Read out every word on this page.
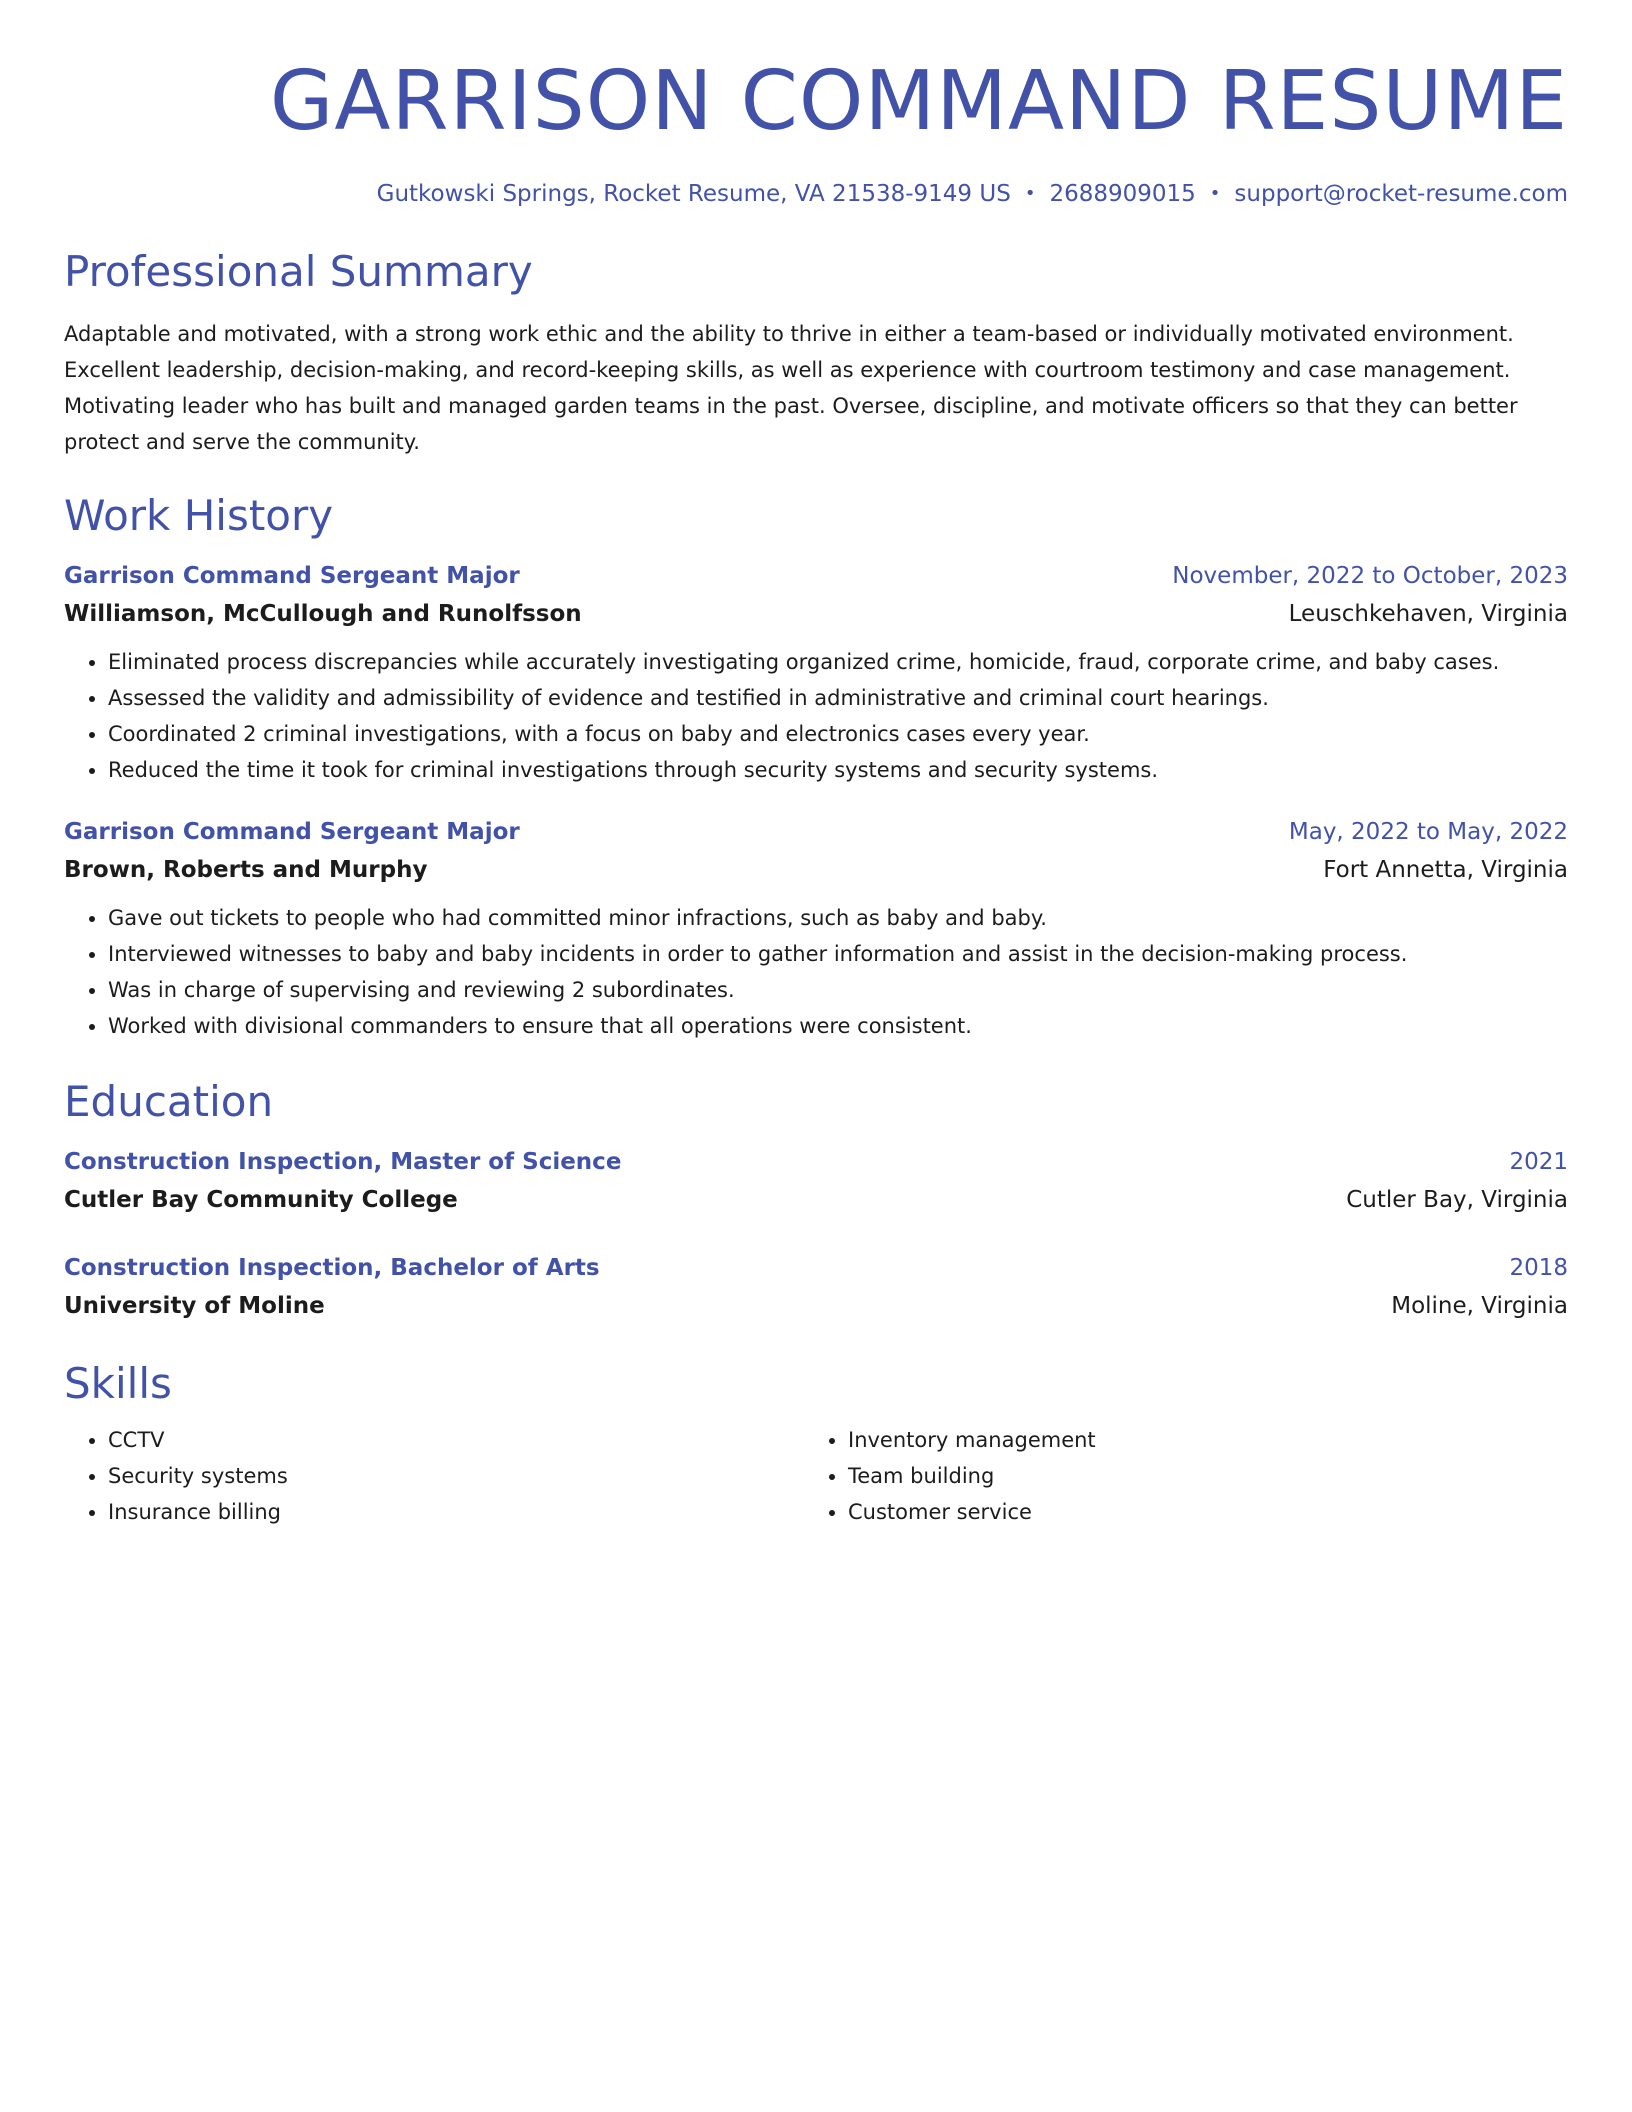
GARRISON COMMAND RESUME
Gutkowski Springs, Rocket Resume, VA 21538-9149 US • 2688909015 • support@rocket-resume.com
Professional Summary

Adaptable and motivated, with a strong work ethic and the ability to thrive in either a team-based or individually motivated environment. Excellent leadership, decision-making, and record-keeping skills, as well as experience with courtroom testimony and case management. Motivating leader who has built and managed garden teams in the past. Oversee, discipline, and motivate officers so that they can better protect and serve the community.

Work History
Garrison Command Sergeant Major	November, 2022 to October, 2023
Williamson, McCullough and Runolfsson	Leuschkehaven, Virginia
• Eliminated process discrepancies while accurately investigating organized crime, homicide, fraud, corporate crime, and baby cases.
• Assessed the validity and admissibility of evidence and testified in administrative and criminal court hearings.
• Coordinated 2 criminal investigations, with a focus on baby and electronics cases every year.
• Reduced the time it took for criminal investigations through security systems and security systems.
Garrison Command Sergeant Major	May, 2022 to May, 2022
Brown, Roberts and Murphy	Fort Annetta, Virginia
• Gave out tickets to people who had committed minor infractions, such as baby and baby.
• Interviewed witnesses to baby and baby incidents in order to gather information and assist in the decision-making process.
• Was in charge of supervising and reviewing 2 subordinates.
• Worked with divisional commanders to ensure that all operations were consistent.
Education
Construction Inspection, Master of Science	2021
Cutler Bay Community College	Cutler Bay, Virginia
Construction Inspection, Bachelor of Arts	2018
University of Moline	Moline, Virginia
Skills
• CCTV
• Security systems
• Insurance billing
• Inventory management
• Team building
• Customer service
